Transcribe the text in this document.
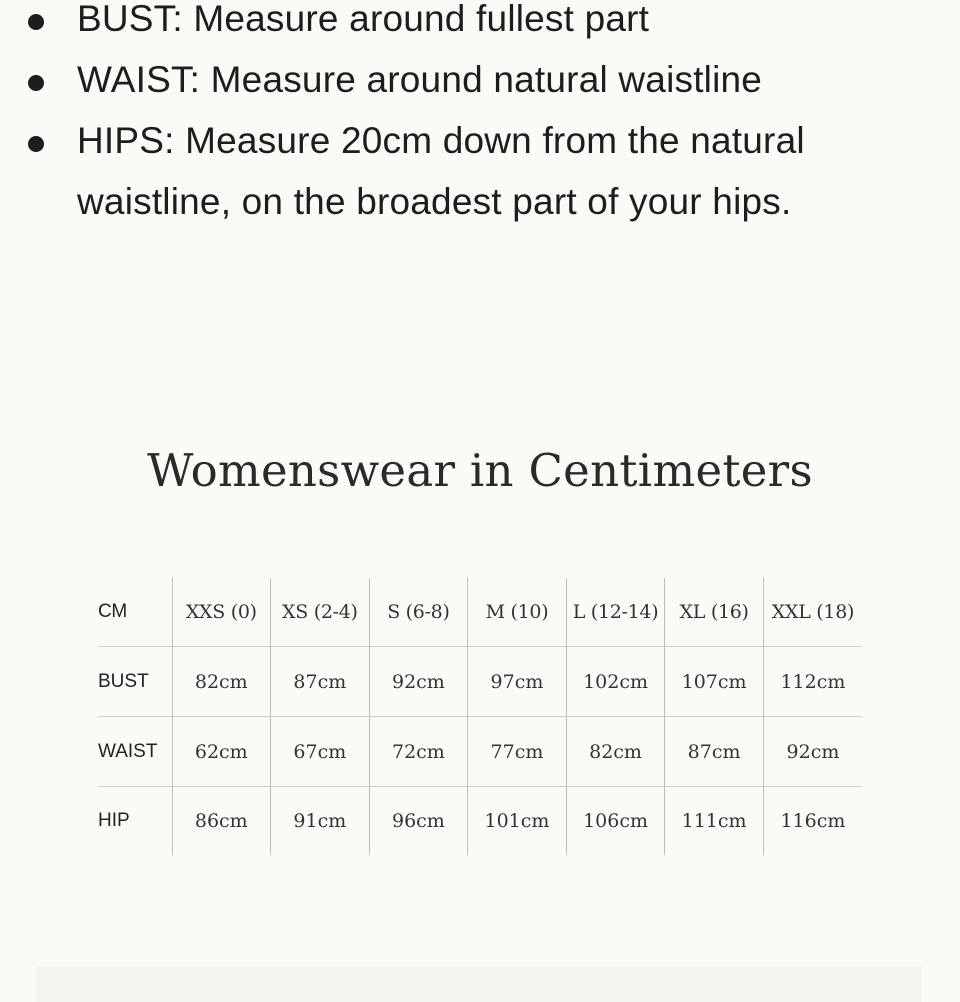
BUST: Measure around fullest part
WAIST: Measure around natural waistline
HIPS: Measure 20cm down from the natural waistline, on the broadest part of your hips.
Womenswear in Centimeters
CM	XXS (0)	XS (2-4)	S (6-8)	M (10)	L (12-14)	XL (16)	XXL (18)
BUST	82cm	87cm	92cm	97cm	102cm	107cm	112cm
WAIST	62cm	67cm	72cm	77cm	82cm	87cm	92cm
HIP	86cm	91cm	96cm	101cm	106cm	111cm	116cm
